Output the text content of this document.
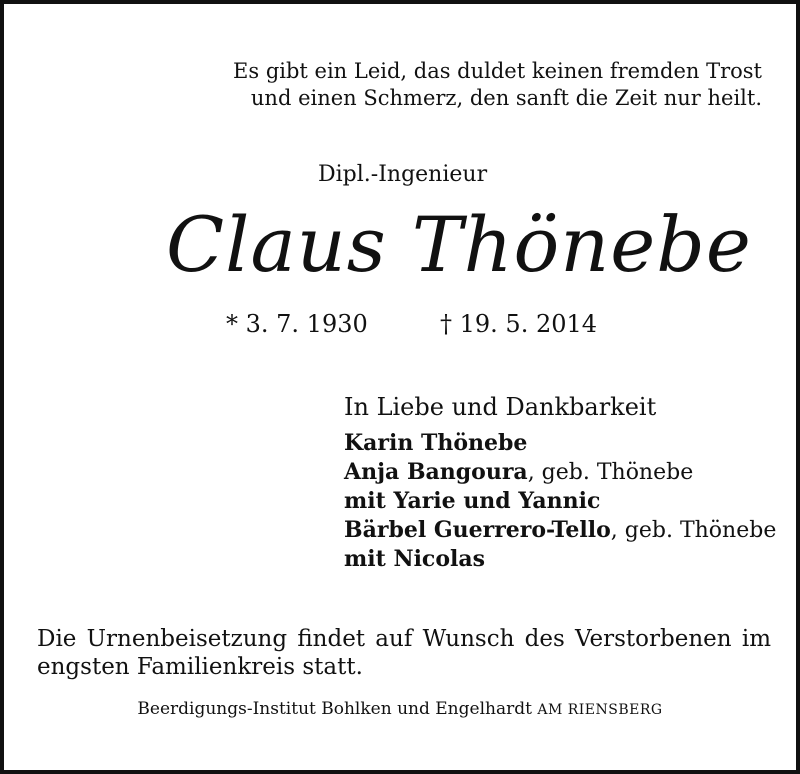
Es gibt ein Leid, das duldet keinen fremden Trost
und einen Schmerz, den sanft die Zeit nur heilt.
Dipl.-Ingenieur
Claus Thönebe
* 3. 7. 1930	† 19. 5. 2014
In Liebe und Dankbarkeit
Karin Thönebe
Anja Bangoura, geb. Thönebe
mit Yarie und Yannic
Bärbel Guerrero-Tello, geb. Thönebe
mit Nicolas
Die Urnenbeisetzung findet auf Wunsch des Verstorbenen im
engsten Familienkreis statt.
Beerdigungs-Institut Bohlken und Engelhardt AM RIENSBERG
